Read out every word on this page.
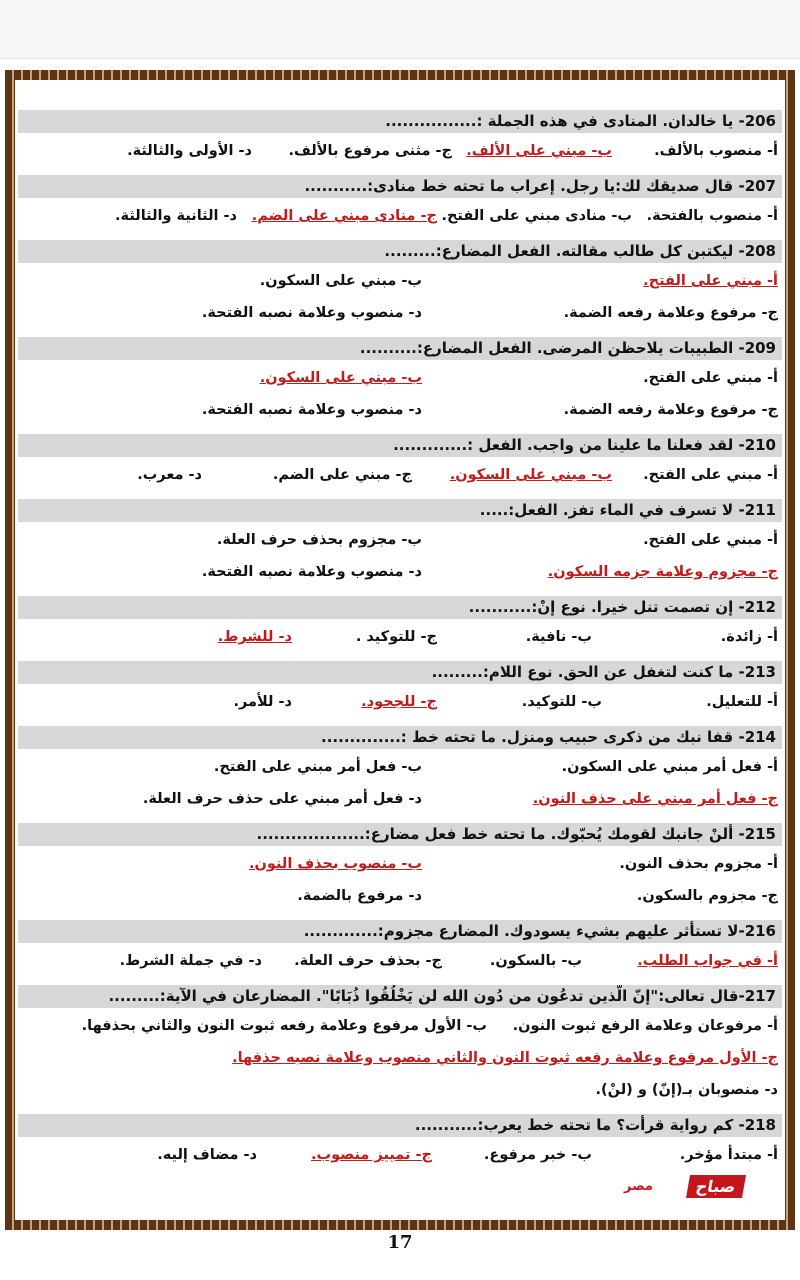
206- يا خالدان. المنادى في هذه الجملة :................
أ- منصوب بالألف.
ب- مبني على الألف.
ج- مثنى مرفوع بالألف.
د- الأولى والثالثة.
207- قال صديقك لك:يا رجل. إعراب ما تحته خط منادى:...........
أ- منصوب بالفتحة.
ب- منادى مبني على الفتح.
ج- منادى مبني على الضم.
د- الثانية والثالثة.
208- ليكتبن كل طالب مقالته. الفعل المضارع:.........
أ- مبني على الفتح.
ب- مبني على السكون.
ج- مرفوع وعلامة رفعه الضمة.
د- منصوب وعلامة نصبه الفتحة.
209- الطبيبات يلاحظن المرضى. الفعل المضارع:..........
أ- مبني على الفتح.
ب- مبني على السكون.
ج- مرفوع وعلامة رفعه الضمة.
د- منصوب وعلامة نصبه الفتحة.
210- لقد فعلنا ما علينا من واجب. الفعل :.............
أ- مبني على الفتح.
ب- مبني على السكون.
ج- مبني على الضم.
د- معرب.
211- لا تسرف في الماء تفز. الفعل:.....
أ- مبني على الفتح.
ب- مجزوم بحذف حرف العلة.
ج- مجزوم وعلامة جزمه السكون.
د- منصوب وعلامة نصبه الفتحة.
212- إن تصمت تنل خيرا. نوع إنْ:...........
أ- زائدة.
ب- نافية.
ج- للتوكيد .
د- للشرط.
213- ما كنت لتغفل عن الحق. نوع اللام:.........
أ- للتعليل.
ب- للتوكيد.
ج- للجحود.
د- للأمر.
214- قفا نبك من ذكرى حبيب ومنزل. ما تحته خط :..............
أ- فعل أمر مبني على السكون.
ب- فعل أمر مبني على الفتح.
ج- فعل أمر مبني على حذف النون.
د- فعل أمر مبني على حذف حرف العلة.
215- ألنْ جانبك لقومك يُحبّوك. ما تحته خط فعل مضارع:...................
أ- مجزوم بحذف النون.
ب- منصوب بحذف النون.
ج- مجزوم بالسكون.
د- مرفوع بالضمة.
216-لا تستأثر عليهم بشيء يسودوك. المضارع مجزوم:.............
أ- في جواب الطلب.
ب- بالسكون.
ج- بحذف حرف العلة.
د- في جملة الشرط.
217-قال تعالى:"إنّ الّذين تدعُون من دُون الله لن يَخْلُقُوا ذُبَابًا". المضارعان في الآية:.........
أ- مرفوعان وعلامة الرفع ثبوت النون.
ب- الأول مرفوع وعلامة رفعه ثبوت النون والثاني بحذفها.
ج- الأول مرفوع وعلامة رفعه ثبوت النون والثاني منصوب وعلامة نصبه حذفها.
د- منصوبان بـ(إنّ) و (لنْ).
218- كم رواية قرأت؟ ما تحته خط يعرب:...........
أ- مبتدأ مؤخر.
ب- خبر مرفوع.
ج- تمييز منصوب.
د- مضاف إليه.
صباح
مصر
17
